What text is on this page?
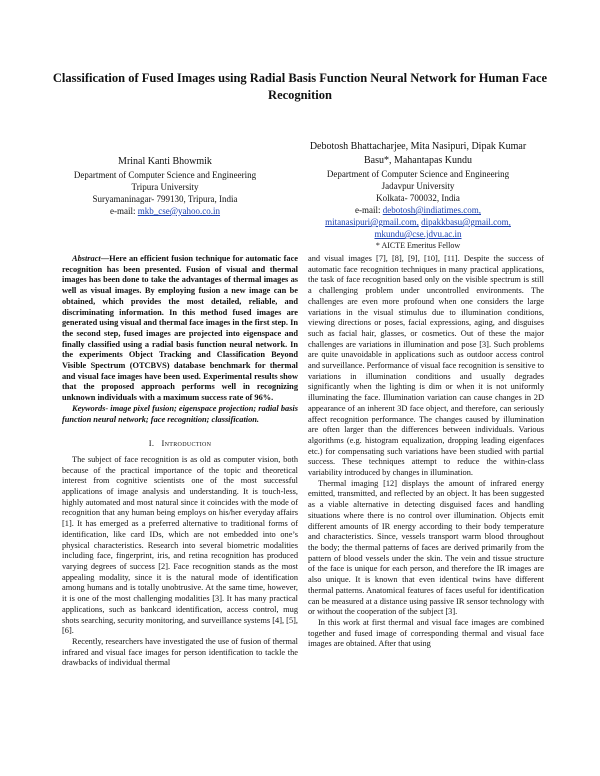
Classification of Fused Images using Radial Basis Function Neural Network for Human Face Recognition
Mrinal Kanti Bhowmik
Department of Computer Science and Engineering
Tripura University
Suryamaninagar- 799130, Tripura, India
e-mail: mkb_cse@yahoo.co.in
Debotosh Bhattacharjee, Mita Nasipuri, Dipak Kumar Basu*, Mahantapas Kundu
Department of Computer Science and Engineering
Jadavpur University
Kolkata- 700032, India
e-mail: debotosh@indiatimes.com,
mitanasipuri@gmail.com, dipakkbasu@gmail.com,
mkundu@cse.jdvu.ac.in
* AICTE Emeritus Fellow

Abstract—Here an efficient fusion technique for automatic face recognition has been presented. Fusion of visual and thermal images has been done to take the advantages of thermal images as well as visual images. By employing fusion a new image can be obtained, which provides the most detailed, reliable, and discriminating information. In this method fused images are generated using visual and thermal face images in the first step. In the second step, fused images are projected into eigenspace and finally classified using a radial basis function neural network. In the experiments Object Tracking and Classification Beyond Visible Spectrum (OTCBVS) database benchmark for thermal and visual face images have been used. Experimental results show that the proposed approach performs well in recognizing unknown individuals with a maximum success rate of 96%.

Keywords- image pixel fusion; eigenspace projection; radial basis function neural network; face recognition; classification.

I. Introduction

The subject of face recognition is as old as computer vision, both because of the practical importance of the topic and theoretical interest from cognitive scientists one of the most successful applications of image analysis and understanding. It is touch-less, highly automated and most natural since it coincides with the mode of recognition that any human being employs on his/her everyday affairs [1]. It has emerged as a preferred alternative to traditional forms of identification, like card IDs, which are not embedded into one’s physical characteristics. Research into several biometric modalities including face, fingerprint, iris, and retina recognition has produced varying degrees of success [2]. Face recognition stands as the most appealing modality, since it is the natural mode of identification among humans and is totally unobtrusive. At the same time, however, it is one of the most challenging modalities [3]. It has many practical applications, such as bankcard identification, access control, mug shots searching, security monitoring, and surveillance systems [4], [5], [6].

Recently, researchers have investigated the use of fusion of thermal infrared and visual face images for person identification to tackle the drawbacks of individual thermal

and visual images [7], [8], [9], [10], [11]. Despite the success of automatic face recognition techniques in many practical applications, the task of face recognition based only on the visible spectrum is still a challenging problem under uncontrolled environments. The challenges are even more profound when one considers the large variations in the visual stimulus due to illumination conditions, viewing directions or poses, facial expressions, aging, and disguises such as facial hair, glasses, or cosmetics. Out of these the major challenges are variations in illumination and pose [3]. Such problems are quite unavoidable in applications such as outdoor access control and surveillance. Performance of visual face recognition is sensitive to variations in illumination conditions and usually degrades significantly when the lighting is dim or when it is not uniformly illuminating the face. Illumination variation can cause changes in 2D appearance of an inherent 3D face object, and therefore, can seriously affect recognition performance. The changes caused by illumination are often larger than the differences between individuals. Various algorithms (e.g. histogram equalization, dropping leading eigenfaces etc.) for compensating such variations have been studied with partial success. These techniques attempt to reduce the within-class variability introduced by changes in illumination.

Thermal imaging [12] displays the amount of infrared energy emitted, transmitted, and reflected by an object. It has been suggested as a viable alternative in detecting disguised faces and handling situations where there is no control over illumination. Objects emit different amounts of IR energy according to their body temperature and characteristics. Since, vessels transport warm blood throughout the body; the thermal patterns of faces are derived primarily from the pattern of blood vessels under the skin. The vein and tissue structure of the face is unique for each person, and therefore the IR images are also unique. It is known that even identical twins have different thermal patterns. Anatomical features of faces useful for identification can be measured at a distance using passive IR sensor technology with or without the cooperation of the subject [3].

In this work at first thermal and visual face images are combined together and fused image of corresponding thermal and visual face images are obtained. After that using
